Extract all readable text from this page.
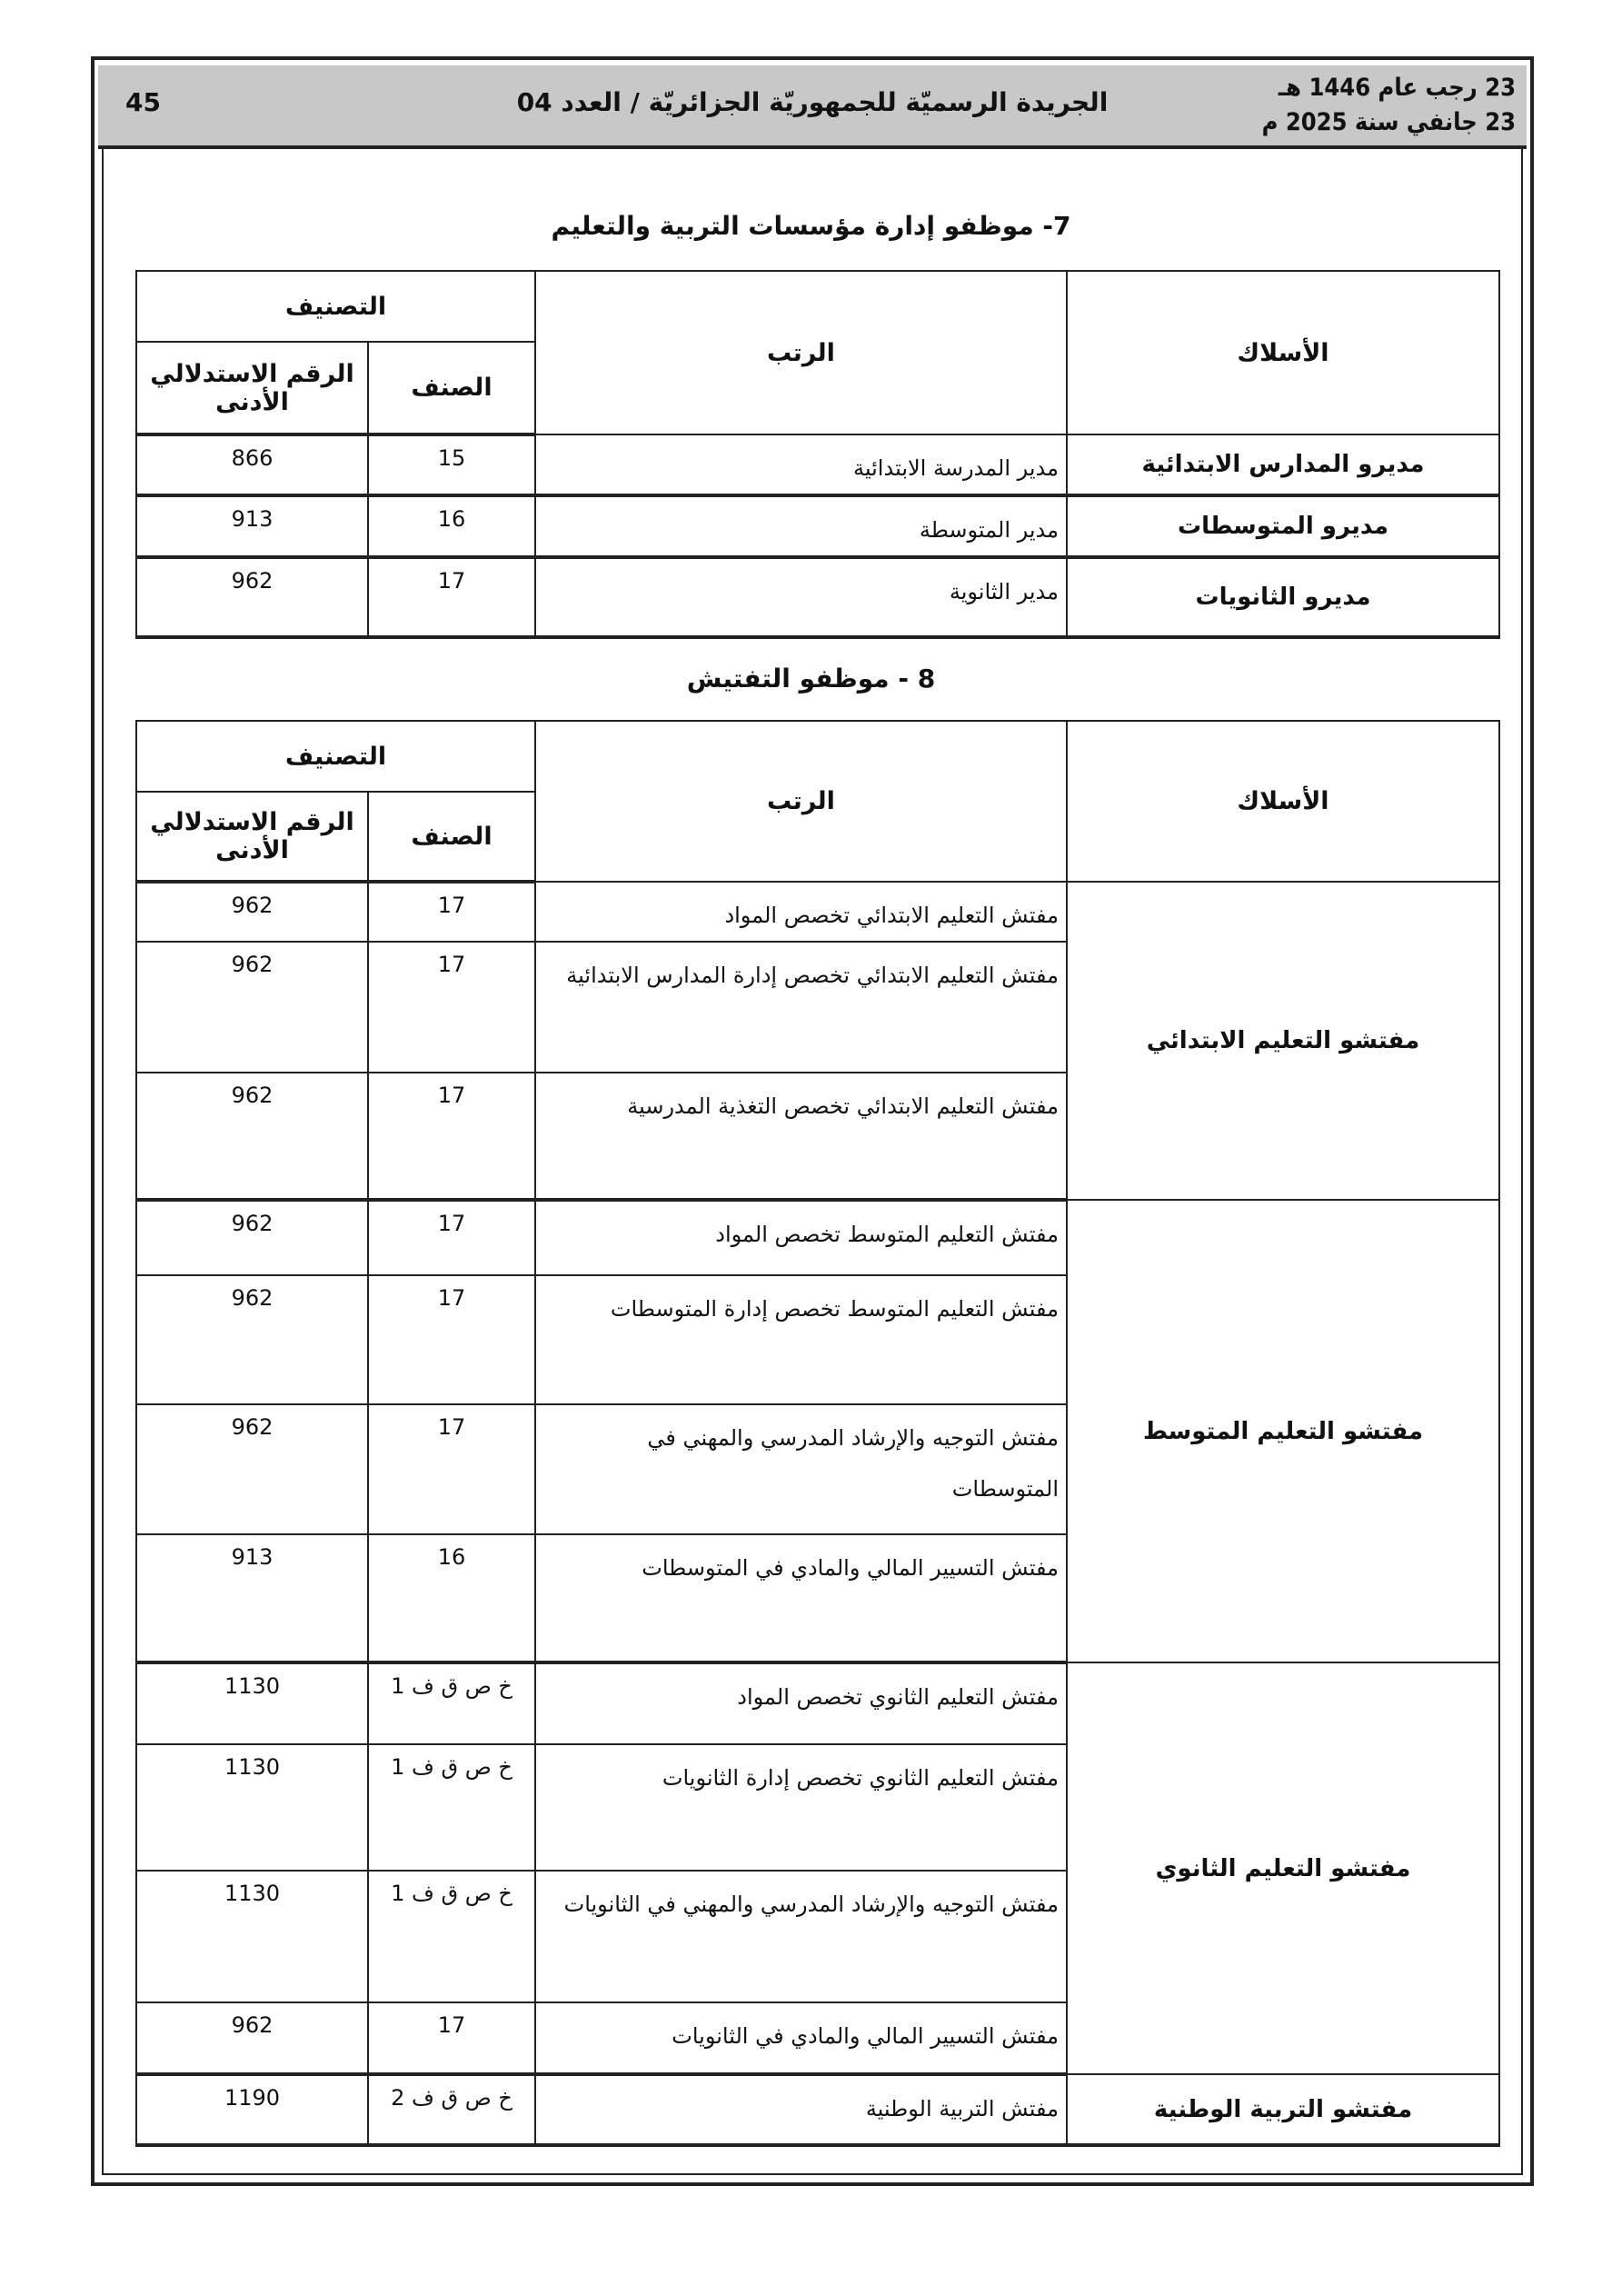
23 رجب عام 1446 هـ
23 جانفي سنة 2025 م
الجريدة الرسميّة للجمهوريّة الجزائريّة / العدد 04
45
7- موظفو إدارة مؤسسات التربية والتعليم
الأسلاك	الرتب	التصنيف	
		الصنف	الرقم الاستدلالي الأدنى
مديرو المدارس الابتدائية	مدير المدرسة الابتدائية	15	866
مديرو المتوسطات	مدير المتوسطة	16	913
مديرو الثانويات	مدير الثانوية	17	962
8 - موظفو التفتيش
الأسلاك	الرتب	التصنيف	
		الصنف	الرقم الاستدلالي الأدنى
مفتشو التعليم الابتدائي	مفتش التعليم الابتدائي تخصص المواد	17	962
	مفتش التعليم الابتدائي تخصص إدارة المدارس الابتدائية	17	962
	مفتش التعليم الابتدائي تخصص التغذية المدرسية	17	962
مفتشو التعليم المتوسط	مفتش التعليم المتوسط تخصص المواد	17	962
	مفتش التعليم المتوسط تخصص إدارة المتوسطات	17	962
	مفتش التوجيه والإرشاد المدرسي والمهني في المتوسطات	17	962
	مفتش التسيير المالي والمادي في المتوسطات	16	913
مفتشو التعليم الثانوي	مفتش التعليم الثانوي تخصص المواد	خ ص ق ف 1	1130
	مفتش التعليم الثانوي تخصص إدارة الثانويات	خ ص ق ف 1	1130
	مفتش التوجيه والإرشاد المدرسي والمهني في الثانويات	خ ص ق ف 1	1130
	مفتش التسيير المالي والمادي في الثانويات	17	962
مفتشو التربية الوطنية	مفتش التربية الوطنية	خ ص ق ف 2	1190
